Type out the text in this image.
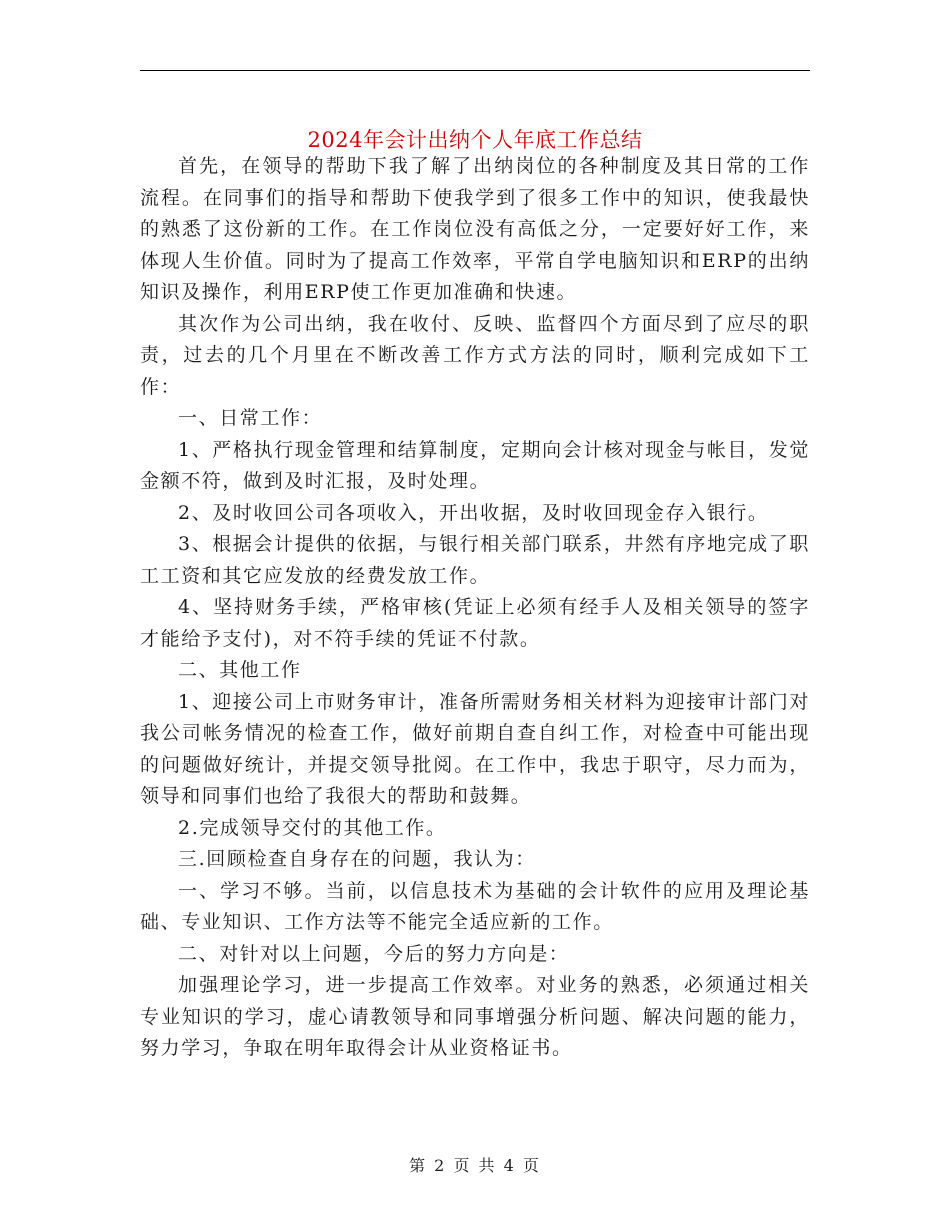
2024年会计出纳个人年底工作总结

首先，在领导的帮助下我了解了出纳岗位的各种制度及其日常的工作流程。在同事们的指导和帮助下使我学到了很多工作中的知识，使我最快的熟悉了这份新的工作。在工作岗位没有高低之分，一定要好好工作，来体现人生价值。同时为了提高工作效率，平常自学电脑知识和ERP的出纳知识及操作，利用ERP使工作更加准确和快速。

其次作为公司出纳，我在收付、反映、监督四个方面尽到了应尽的职责，过去的几个月里在不断改善工作方式方法的同时，顺利完成如下工作：

一、日常工作：

1、严格执行现金管理和结算制度，定期向会计核对现金与帐目，发觉金额不符，做到及时汇报，及时处理。

2、及时收回公司各项收入，开出收据，及时收回现金存入银行。

3、根据会计提供的依据，与银行相关部门联系，井然有序地完成了职工工资和其它应发放的经费发放工作。

4、坚持财务手续，严格审核(凭证上必须有经手人及相关领导的签字才能给予支付)，对不符手续的凭证不付款。

二、其他工作

1、迎接公司上市财务审计，准备所需财务相关材料为迎接审计部门对我公司帐务情况的检查工作，做好前期自查自纠工作，对检查中可能出现的问题做好统计，并提交领导批阅。在工作中，我忠于职守，尽力而为，领导和同事们也给了我很大的帮助和鼓舞。

2.完成领导交付的其他工作。

三.回顾检查自身存在的问题，我认为：

一、学习不够。当前，以信息技术为基础的会计软件的应用及理论基础、专业知识、工作方法等不能完全适应新的工作。

二、对针对以上问题，今后的努力方向是：

加强理论学习，进一步提高工作效率。对业务的熟悉，必须通过相关专业知识的学习，虚心请教领导和同事增强分析问题、解决问题的能力，努力学习，争取在明年取得会计从业资格证书。

第 2 页 共 4 页
